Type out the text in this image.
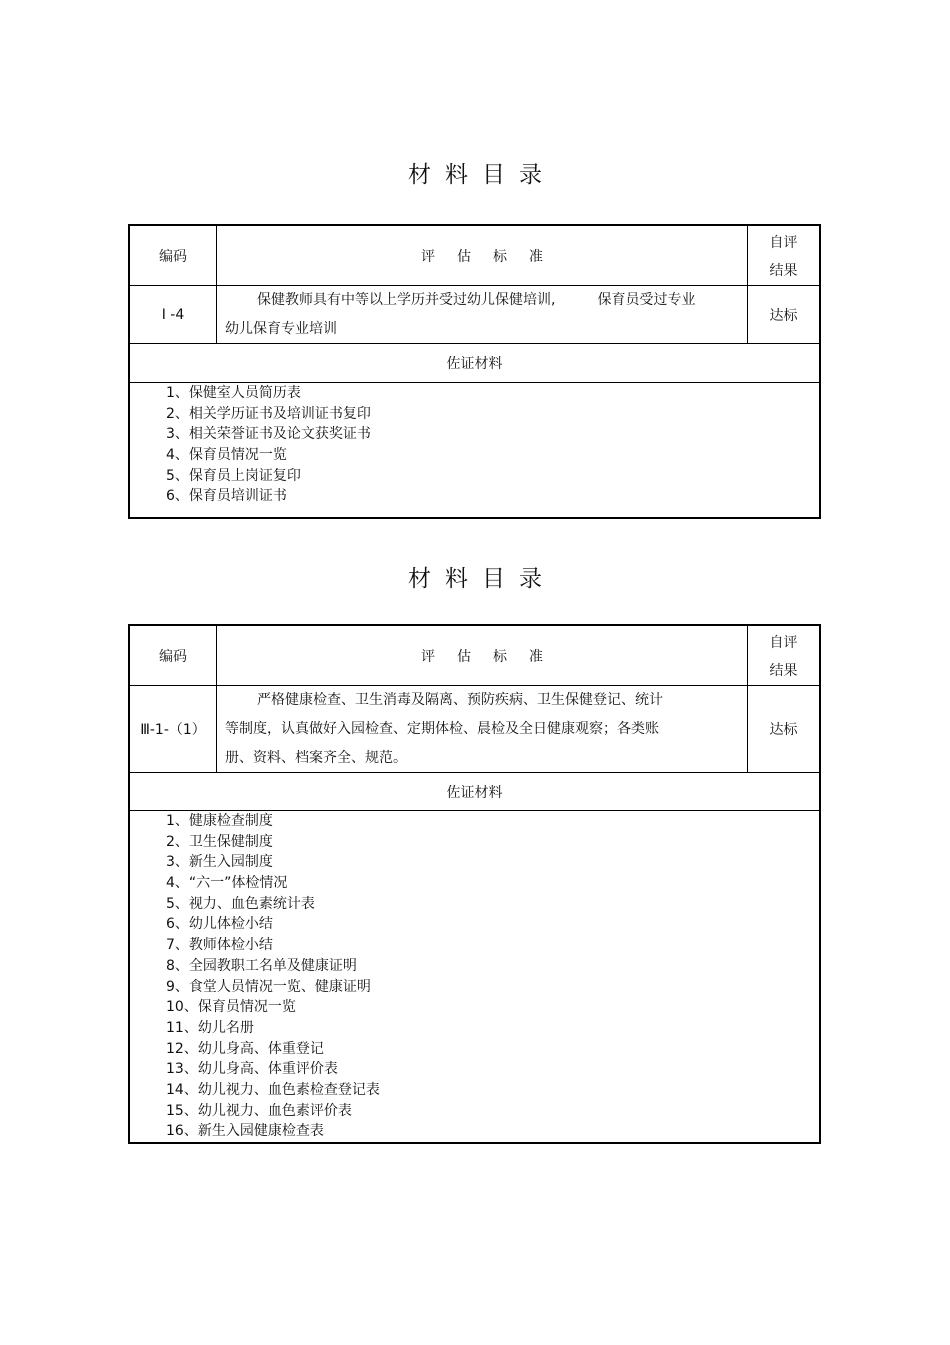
材料目录
编码	评估标准
自评结果
Ⅰ -4
保健教师具有中等以上学历并受过幼儿保健培训,　　　保育员受过专业
幼儿保育专业培训
达标
佐证材料
1、保健室人员简历表
2、相关学历证书及培训证书复印
3、相关荣誉证书及论文获奖证书
4、保育员情况一览
5、保育员上岗证复印
6、保育员培训证书
材料目录
编码	评估标准
自评结果
Ⅲ-1-（1）
严格健康检查、卫生消毒及隔离、预防疾病、卫生保健登记、统计
等制度，认真做好入园检查、定期体检、晨检及全日健康观察；各类账
册、资料、档案齐全、规范。
达标
佐证材料
1、健康检查制度
2、卫生保健制度
3、新生入园制度
4、“六一”体检情况
5、视力、血色素统计表
6、幼儿体检小结
7、教师体检小结
8、全园教职工名单及健康证明
9、食堂人员情况一览、健康证明
10、保育员情况一览
11、幼儿名册
12、幼儿身高、体重登记
13、幼儿身高、体重评价表
14、幼儿视力、血色素检查登记表
15、幼儿视力、血色素评价表
16、新生入园健康检查表
